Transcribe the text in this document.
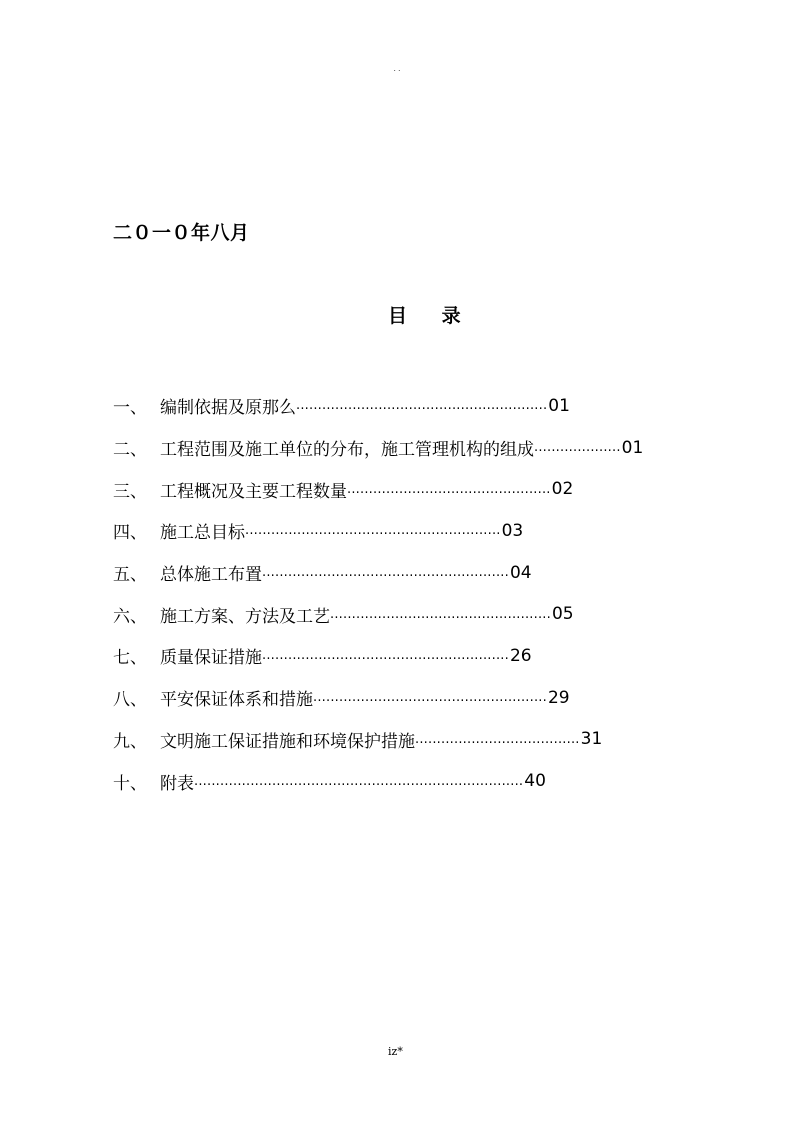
. .
二０一０年八月
目 录
一、 编制依据及原那么 .......................................................... 01
二、 工程范围及施工单位的分布，施工管理机构的组成 .................... 01
三、 工程概况及主要工程数量 ............................................... 02
四、 施工总目标 ........................................................... 03
五、 总体施工布置 ......................................................... 04
六、 施工方案、方法及工艺 ................................................... 05
七、 质量保证措施 ......................................................... 26
八、 平安保证体系和措施 ...................................................... 29
九、 文明施工保证措施和环境保护措施 ...................................... 31
十、 附表 ............................................................................ 40
iz*
